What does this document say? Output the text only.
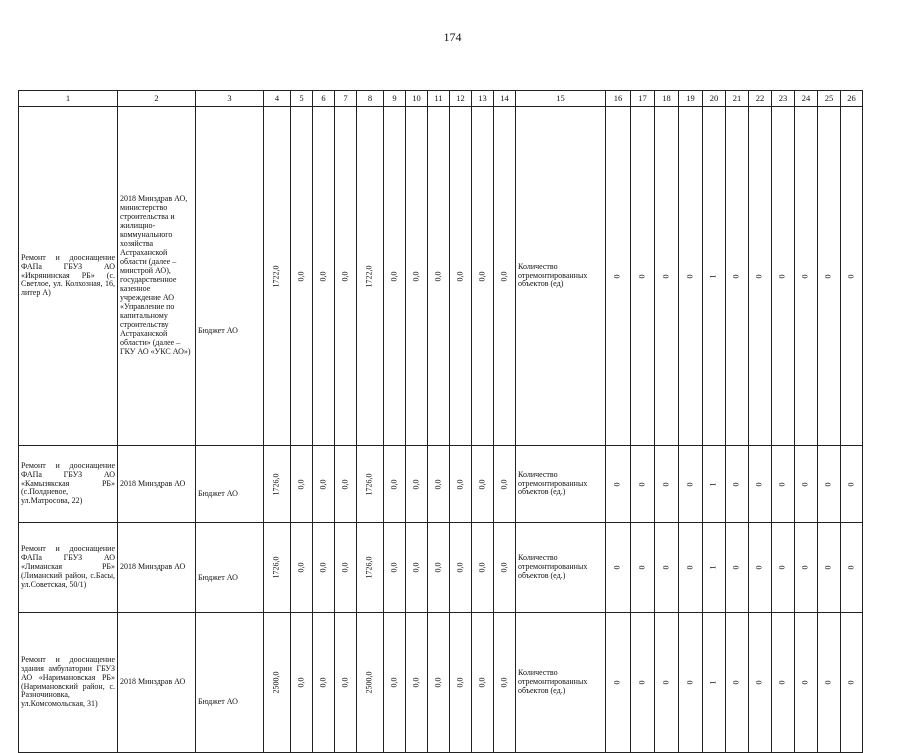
174
1	2	3	4	5	6	7	8	9	10	11	12	13	14	15	16	17	18	19	20	21	22	23	24	25	26
Ремонт и дооснащение ФАПа ГБУЗ АО «Икрянинская РБ» (с. Светлое, ул. Колхозная, 16, литер А)	2018 Минздрав АО, министерство строительства и жилищно-коммунального хозяйства Астраханской области (далее – минстрой АО), государственное казенное учреждение АО «Управление по капитальному строительству Астраханской области» (далее – ГКУ АО «УКС АО»)	Бюджет АО	1722,0	0,0	0,0	0,0	1722,0	0,0	0,0	0,0	0,0	0,0	0,0	Количество отремонтированных объектов (ед)	0	0	0	0	1	0	0	0	0	0	0
Ремонт и дооснащение ФАПа ГБУЗ АО «Камызякская РБ» (с.Полдневое, ул.Матросова, 22)	2018 Минздрав АО	Бюджет АО	1726,0	0,0	0,0	0,0	1726,0	0,0	0,0	0,0	0,0	0,0	0,0	Количество отремонтированных объектов (ед.)	0	0	0	0	1	0	0	0	0	0	0
Ремонт и дооснащение ФАПа ГБУЗ АО «Лиманская РБ» (Лиманский район, с.Басы, ул.Советская, 50/1)	2018 Минздрав АО	Бюджет АО	1726,0	0,0	0,0	0,0	1726,0	0,0	0,0	0,0	0,0	0,0	0,0	Количество отремонтированных объектов (ед.)	0	0	0	0	1	0	0	0	0	0	0
Ремонт и дооснащение здания амбулатории ГБУЗ АО «Наримановская РБ» (Наримановский район, с. Разночиновка, ул.Комсомольская, 31)	2018 Минздрав АО	Бюджет АО	2500,0	0,0	0,0	0,0	2500,0	0,0	0,0	0,0	0,0	0,0	0,0	Количество отремонтированных объектов (ед.)	0	0	0	0	1	0	0	0	0	0	0
